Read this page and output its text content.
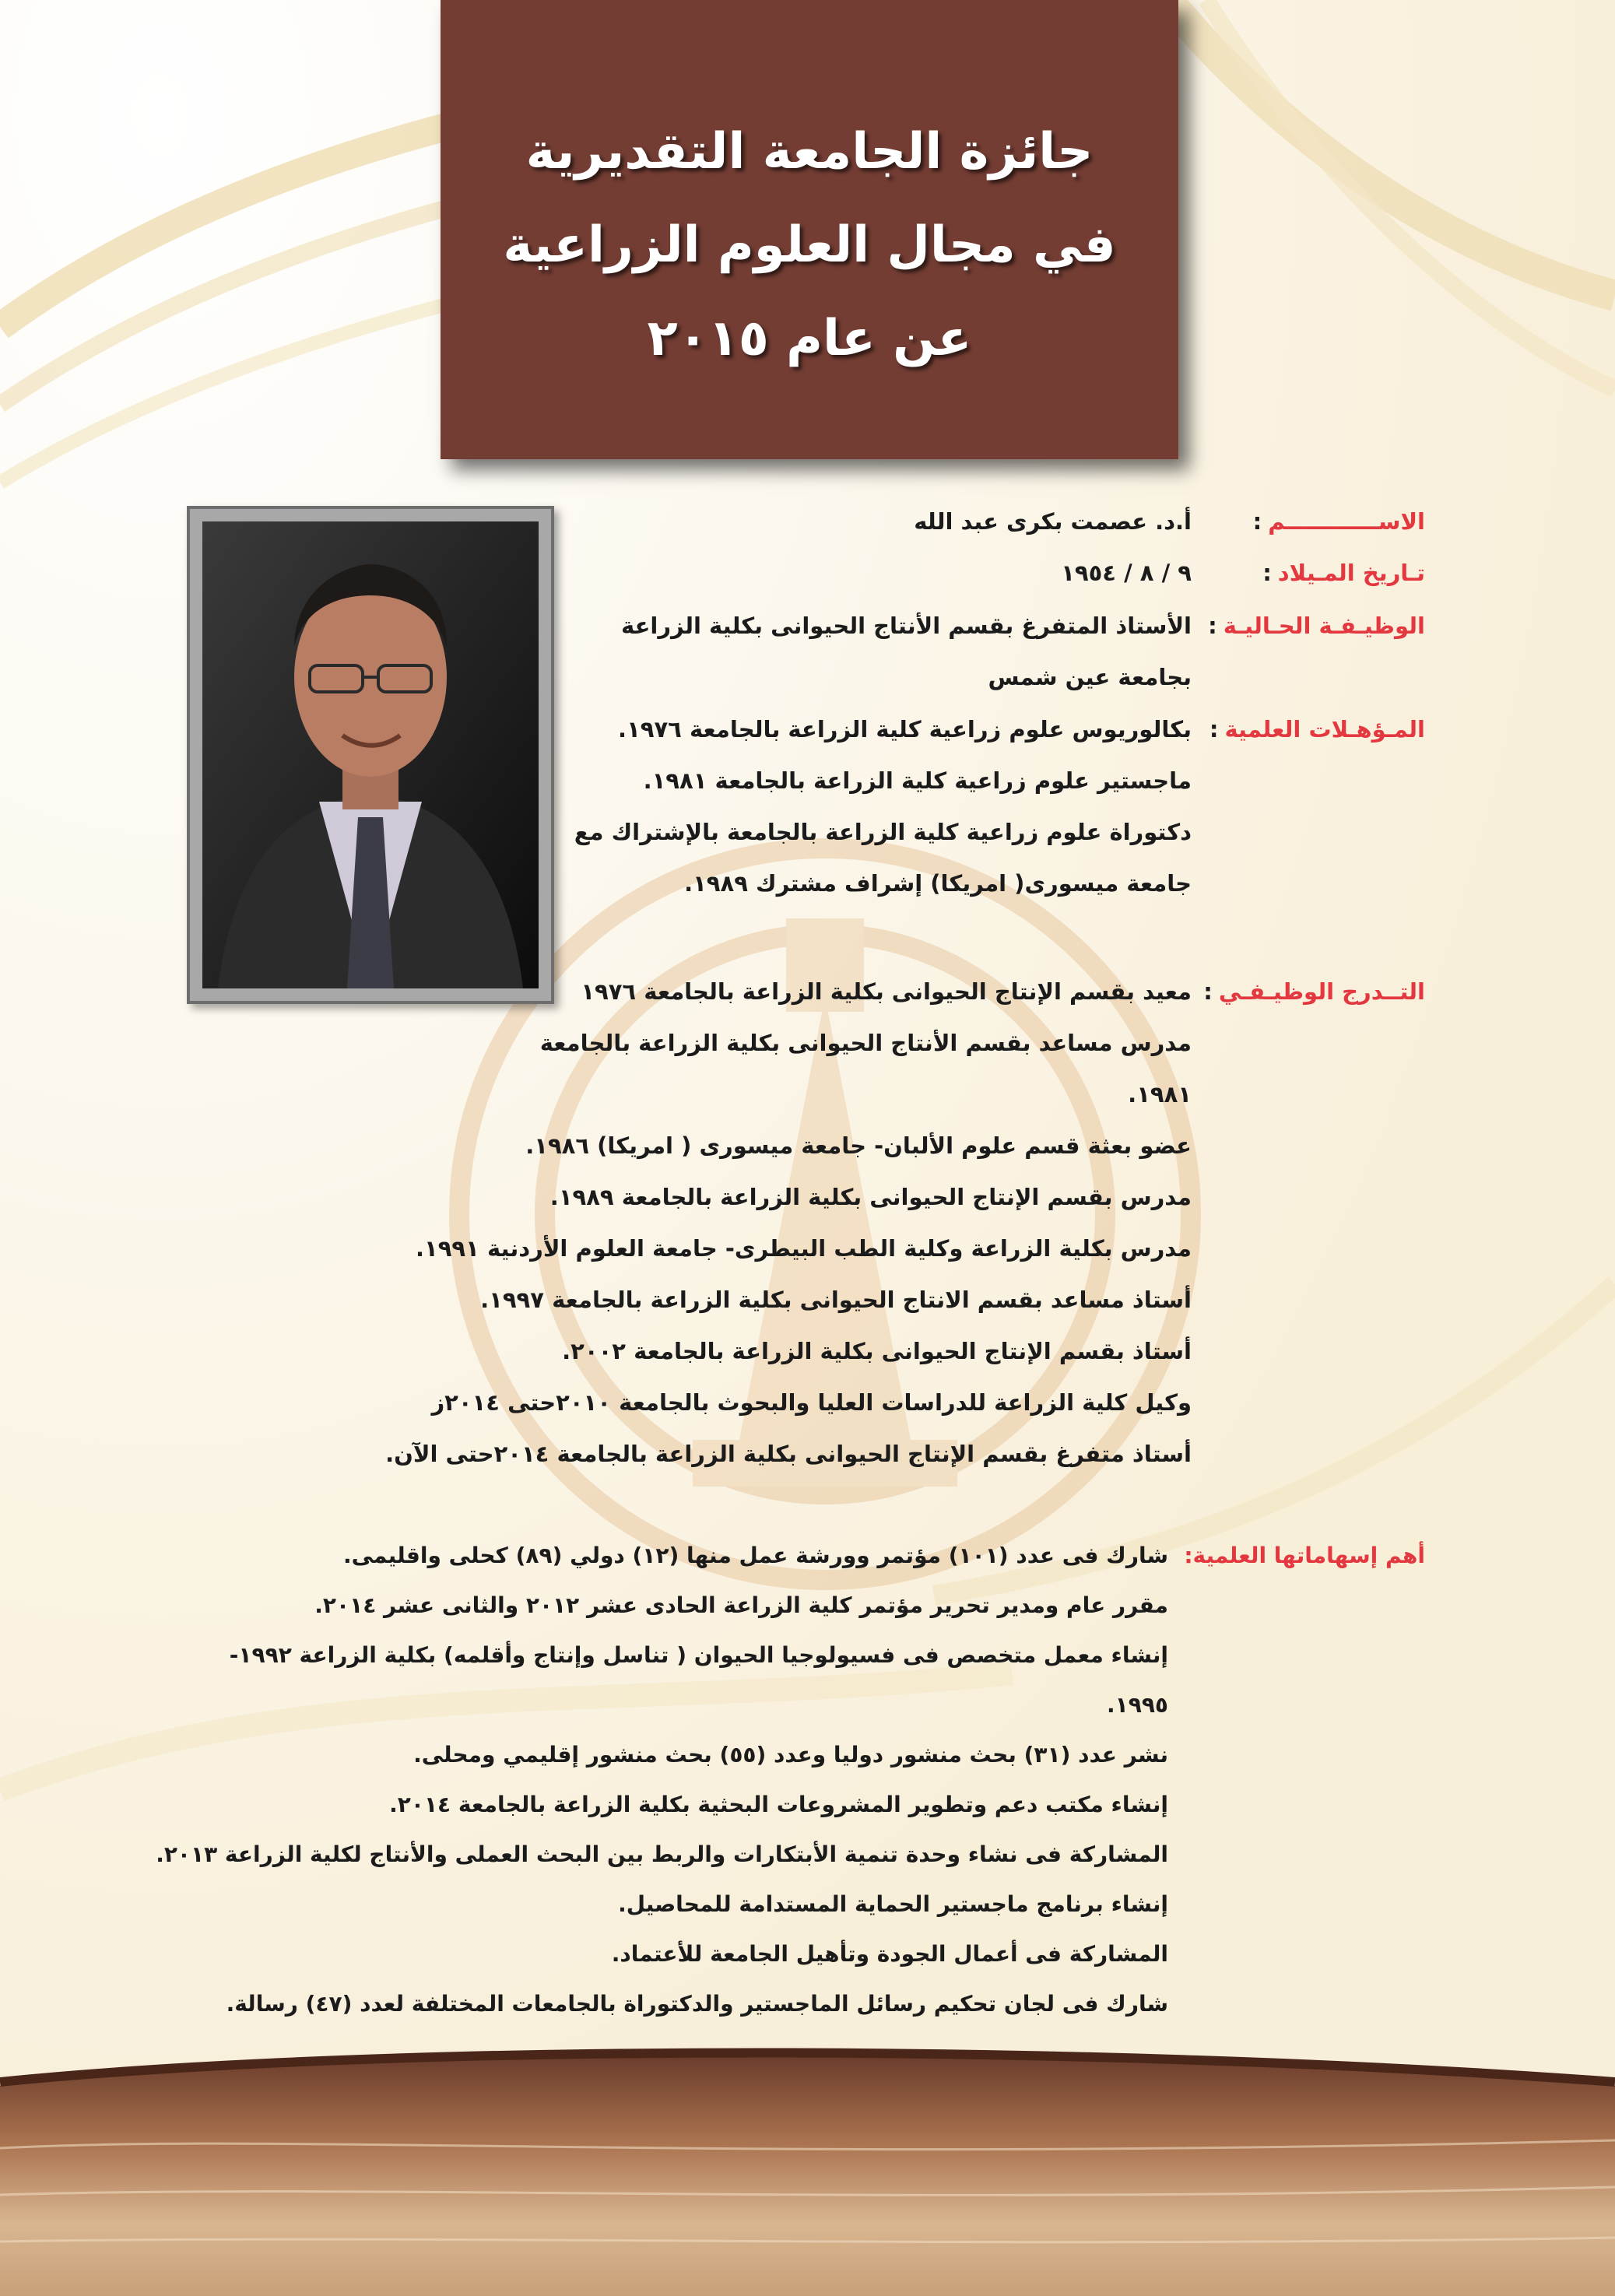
جائزة الجامعة التقديرية
في مجال العلوم الزراعية
عن عام ٢٠١٥
الاســــــــــــم:
أ.د. عصمت بكرى عبد الله
تـاريخ المـيلاد:
٩ / ٨ / ١٩٥٤
الوظيـفـة الحـاليـة:
الأستاذ المتفرغ بقسم الأنتاج الحيوانى بكلية الزراعة
بجامعة عين شمس
المـؤهـلات العلمية:
بكالوريوس علوم زراعية كلية الزراعة بالجامعة ١٩٧٦.
ماجستير علوم زراعية كلية الزراعة بالجامعة ١٩٨١.
دكتوراة علوم زراعية كلية الزراعة بالجامعة بالإشتراك مع
جامعة ميسورى( امريكا) إشراف مشترك ١٩٨٩.
التــدرج الوظيـفـي:
معيد بقسم الإنتاج الحيوانى بكلية الزراعة بالجامعة ١٩٧٦
مدرس مساعد بقسم الأنتاج الحيوانى بكلية الزراعة بالجامعة
١٩٨١.
عضو بعثة قسم علوم الألبان- جامعة ميسورى ( امريكا) ١٩٨٦.
مدرس بقسم الإنتاج الحيوانى بكلية الزراعة بالجامعة ١٩٨٩.
مدرس بكلية الزراعة وكلية الطب البيطرى- جامعة العلوم الأردنية ١٩٩١.
أستاذ مساعد بقسم الانتاج الحيوانى بكلية الزراعة بالجامعة ١٩٩٧.
أستاذ بقسم الإنتاج الحيوانى بكلية الزراعة بالجامعة ٢٠٠٢.
وكيل كلية الزراعة للدراسات العليا والبحوث بالجامعة ٢٠١٠حتى ٢٠١٤ز
أستاذ متفرغ بقسم الإنتاج الحيوانى بكلية الزراعة بالجامعة ٢٠١٤حتى الآن.
أهم إسهاماتها العلمية:
شارك فى عدد (١٠١) مؤتمر وورشة عمل منها (١٢) دولي (٨٩) كحلى واقليمى.
مقرر عام ومدير تحرير مؤتمر كلية الزراعة الحادى عشر ٢٠١٢ والثانى عشر ٢٠١٤.
إنشاء معمل متخصص فى فسيولوجيا الحيوان ( تناسل وإنتاج وأقلمه) بكلية الزراعة ١٩٩٢-
١٩٩٥.
نشر عدد (٣١) بحث منشور دوليا وعدد (٥٥) بحث منشور إقليمي ومحلى.
إنشاء مكتب دعم وتطوير المشروعات البحثية بكلية الزراعة بالجامعة ٢٠١٤.
المشاركة فى نشاء وحدة تنمية الأبتكارات والربط بين البحث العملى والأنتاج لكلية الزراعة ٢٠١٣.
إنشاء برنامج ماجستير الحماية المستدامة للمحاصيل.
المشاركة فى أعمال الجودة وتأهيل الجامعة للأعتماد.
شارك فى لجان تحكيم رسائل الماجستير والدكتوراة بالجامعات المختلفة لعدد (٤٧) رسالة.
